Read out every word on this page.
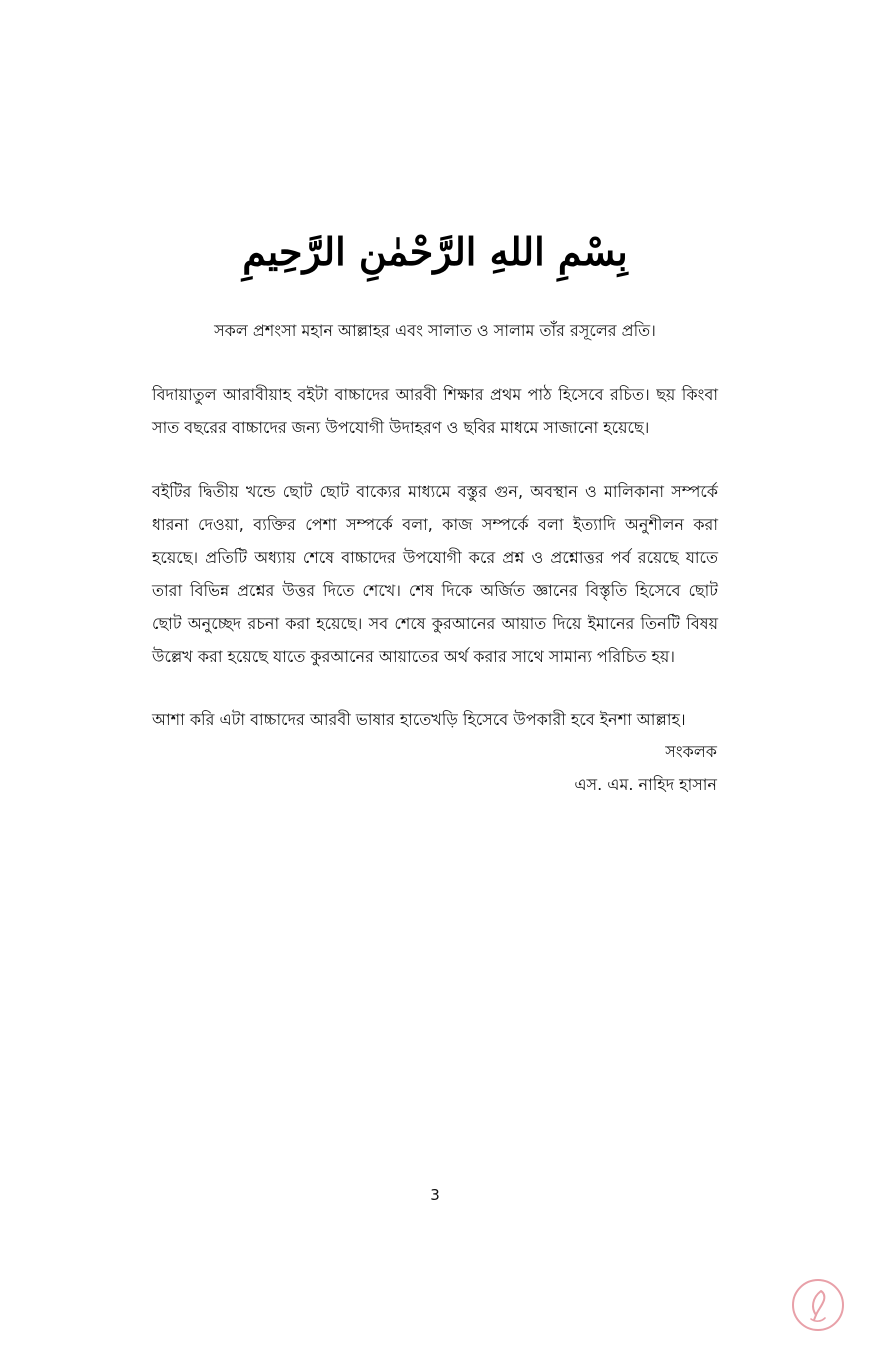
بِسْمِ اللهِ الرَّحْمٰنِ الرَّحِيمِ
সকল প্রশংসা মহান আল্লাহর এবং সালাত ও সালাম তাঁর রসূলের প্রতি।
বিদায়াতুল আরাবীয়াহ বইটা বাচ্চাদের আরবী শিক্ষার প্রথম পাঠ হিসেবে রচিত। ছয় কিংবা সাত বছরের বাচ্চাদের জন্য উপযোগী উদাহরণ ও ছবির মাধমে সাজানো হয়েছে।
বইটির দ্বিতীয় খন্ডে ছোট ছোট বাক্যের মাধ্যমে বস্তুর গুন, অবস্থান ও মালিকানা সম্পর্কে ধারনা দেওয়া, ব্যক্তির পেশা সম্পর্কে বলা, কাজ সম্পর্কে বলা ইত্যাদি অনুশীলন করা হয়েছে। প্রতিটি অধ্যায় শেষে বাচ্চাদের উপযোগী করে প্রশ্ন ও প্রশ্নোত্তর পর্ব রয়েছে যাতে তারা বিভিন্ন প্রশ্নের উত্তর দিতে শেখে। শেষ দিকে অর্জিত জ্ঞানের বিস্তৃতি হিসেবে ছোট ছোট অনুচ্ছেদ রচনা করা হয়েছে। সব শেষে কুরআনের আয়াত দিয়ে ইমানের তিনটি বিষয় উল্লেখ করা হয়েছে যাতে কুরআনের আয়াতের অর্থ করার সাথে সামান্য পরিচিত হয়।
আশা করি এটা বাচ্চাদের আরবী ভাষার হাতেখড়ি হিসেবে উপকারী হবে ইনশা আল্লাহ।
সংকলক
এস. এম. নাহিদ হাসান
3
